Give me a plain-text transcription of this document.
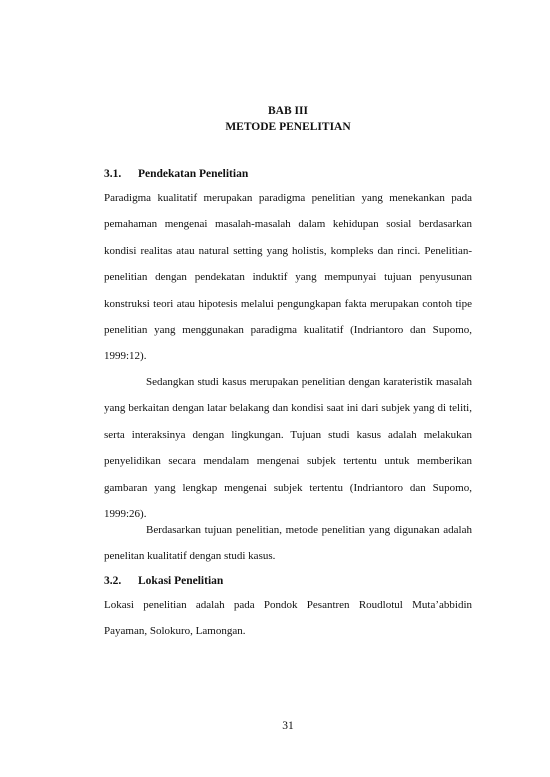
BAB III
METODE PENELITIAN
3.1. Pendekatan Penelitian

Paradigma kualitatif merupakan paradigma penelitian yang menekankan pada pemahaman mengenai masalah-masalah dalam kehidupan sosial berdasarkan kondisi realitas atau natural setting yang holistis, kompleks dan rinci. Penelitian-penelitian dengan pendekatan induktif yang mempunyai tujuan penyusunan konstruksi teori atau hipotesis melalui pengungkapan fakta merupakan contoh tipe penelitian yang menggunakan paradigma kualitatif (Indriantoro dan Supomo, 1999:12).

Sedangkan studi kasus merupakan penelitian dengan karateristik masalah yang berkaitan dengan latar belakang dan kondisi saat ini dari subjek yang di teliti, serta interaksinya dengan lingkungan. Tujuan studi kasus adalah melakukan penyelidikan secara mendalam mengenai subjek tertentu untuk memberikan gambaran yang lengkap mengenai subjek tertentu (Indriantoro dan Supomo, 1999:26).

Berdasarkan tujuan penelitian, metode penelitian yang digunakan adalah penelitan kualitatif dengan studi kasus.

3.2. Lokasi Penelitian

Lokasi penelitian adalah pada Pondok Pesantren Roudlotul Muta’abbidin Payaman, Solokuro, Lamongan.

31
